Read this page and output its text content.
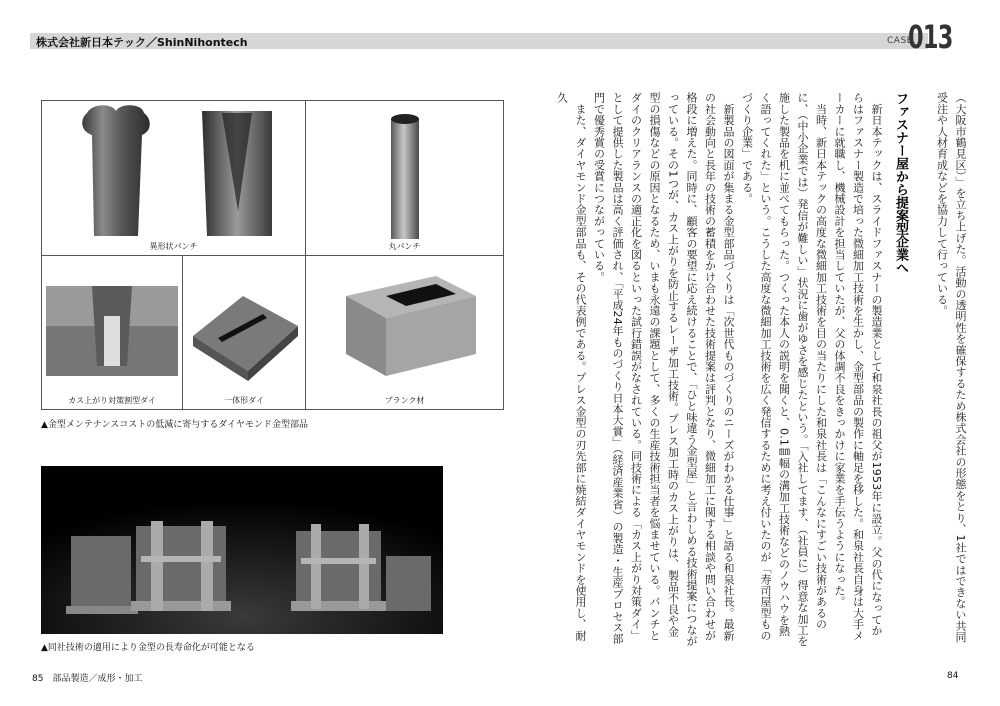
株式会社新日本テック／ShinNihontech	CASE.
013
異形状パンチ	丸パンチ
カス上がり対策割型ダイ	一体形ダイ	ブランク材
▲金型メンテナンスコストの低減に寄与するダイヤモンド金型部品
▲同社技術の適用により金型の長寿命化が可能となる
（大阪市鶴見区）」を立ち上げた。活動の透明性を確保するため株式会社の形態をとり、1社ではできない共同受注や人材育成などを協力して行っている。
ファスナー屋から提案型企業へ
　新日本テックは、スライドファスナーの製造業として和泉社長の祖父が1953年に設立。父の代になってからはファスナー製造で培った微細加工技術を生かし、金型部品の製作に軸足を移した。和泉社長自身は大手メーカーに就職し、機械設計を担当していたが、父の体調不良をきっかけに家業を手伝うようになった。
　当時、新日本テックの高度な微細加工技術を目の当たりにした和泉社長は「こんなにすごい技術があるのに、（中小企業では）発信が難しい」状況に歯がゆさを感じたという。「入社してます、（社員に）得意な加工を施した製品を机に並べてもらった。つくった本人の説明を聞くと、0.1㎜幅の溝加工技術などのノウハウを熱く語ってくれた」という。こうした高度な微細加工技術を広く発信するために考え付いたのが「寿司屋型ものづくり企業」である。
　新製品の図面が集まる金型部品づくりは「次世代ものづくりのニーズがわかる仕事」と語る和泉社長。最新の社会動向と長年の技術の蓄積をかけ合わせた技術提案は評判となり、微細加工に関する相談や問い合わせが格段に増えた。同時に、顧客の要望に応え続けることで、「ひと味違う金型屋」と言わしめる技術提案につながっている。その1つが、カス上がりを防止するレーザ加工技術。プレス加工時のカス上がりは、製品不良や金型の損傷などの原因となるため、いまも永遠の課題として、多くの生産技術担当者を悩ませている。パンチとダイのクリアランスの適正化を図るといった試行錯誤がなされている。同技術による「カス上がり対策ダイ」として提供した製品は高く評価され、「平成24年ものづくり日本大賞」（経済産業省）の製造・生産プロセス部門で優秀賞の受賞につながっている。
　また、ダイヤモンド金型部品も、その代表例である。プレス金型の刃先部に焼結ダイヤモンドを使用し、耐久
85　部品製造／成形・加工	84
